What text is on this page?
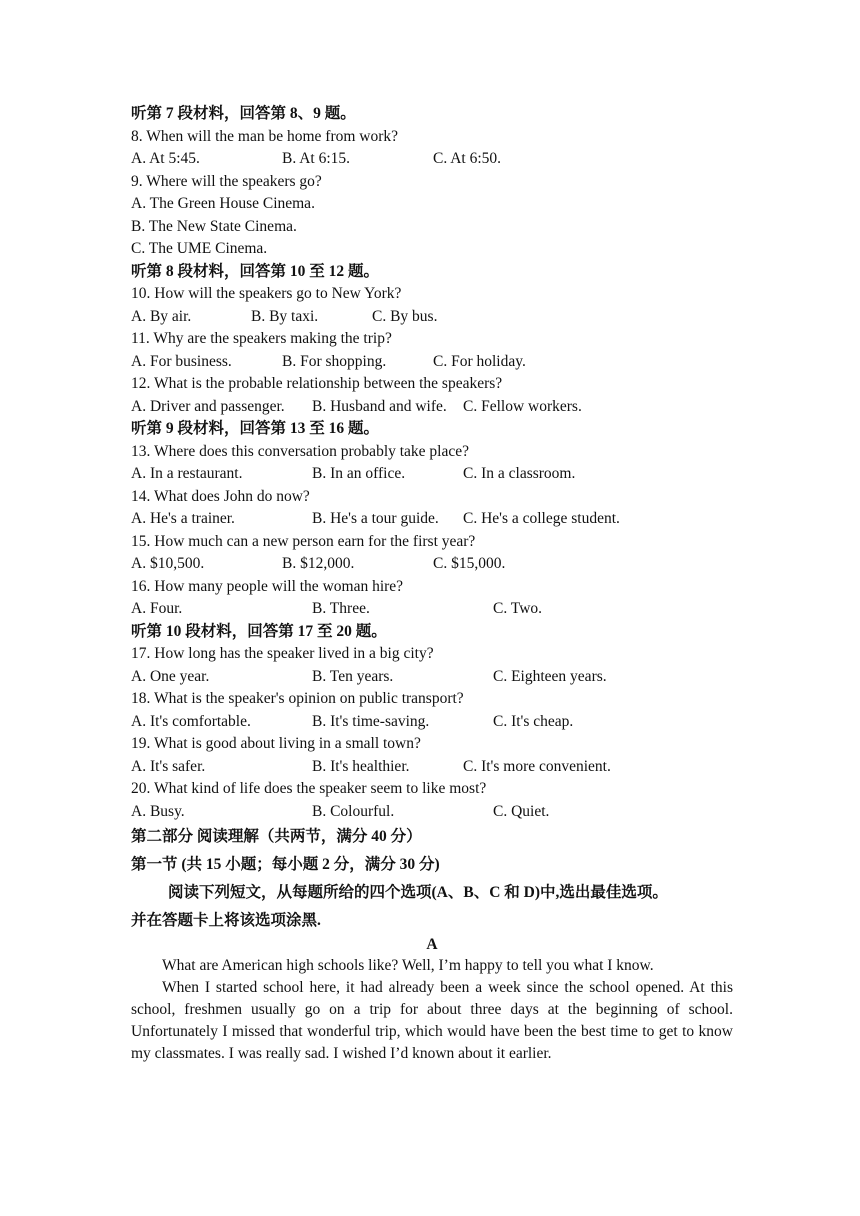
听第 7 段材料，回答第 8、9 题。
8. When will the man be home from work?
A. At 5:45.	B. At 6:15.	C. At 6:50.
9. Where will the speakers go?
A. The Green House Cinema.
B. The New State Cinema.
C. The UME Cinema.
听第 8 段材料，回答第 10 至 12 题。
10. How will the speakers go to New York?
A. By air.	B. By taxi.	C. By bus.
11. Why are the speakers making the trip?
A. For business.	B. For shopping.	C. For holiday.
12. What is the probable relationship between the speakers?
A. Driver and passenger. B. Husband and wife. C. Fellow workers.
听第 9 段材料，回答第 13 至 16 题。
13. Where does this conversation probably take place?
A. In a restaurant.	B. In an office.	C. In a classroom.
14. What does John do now?
A. He's a trainer.	B. He's a tour guide. C. He's a college student.
15. How much can a new person earn for the first year?
A. $10,500.	B. $12,000.	C. $15,000.
16. How many people will the woman hire?
A. Four.	B. Three.	C. Two.
听第 10 段材料，回答第 17 至 20 题。
17. How long has the speaker lived in a big city?
A. One year.	B. Ten years.	C. Eighteen years.
18. What is the speaker's opinion on public transport?
A. It's comfortable.	B. It's time-saving.	C. It's cheap.
19. What is good about living in a small town?
A. It's safer.	B. It's healthier.	C. It's more convenient.
20. What kind of life does the speaker seem to like most?
A. Busy.	B. Colourful.	C. Quiet.
第二部分 阅读理解（共两节，满分 40 分）
第一节 (共 15 小题；每小题 2 分，满分 30 分)
阅读下列短文，从每题所给的四个选项(A、B、C 和 D)中,选出最佳选项。
并在答题卡上将该选项涂黑.
A

What are American high schools like? Well, I’m happy to tell you what I know.

When I started school here, it had already been a week since the school opened. At this school, freshmen usually go on a trip for about three days at the beginning of school. Unfortunately I missed that wonderful trip, which would have been the best time to get to know my classmates. I was really sad. I wished I’d known about it earlier.
